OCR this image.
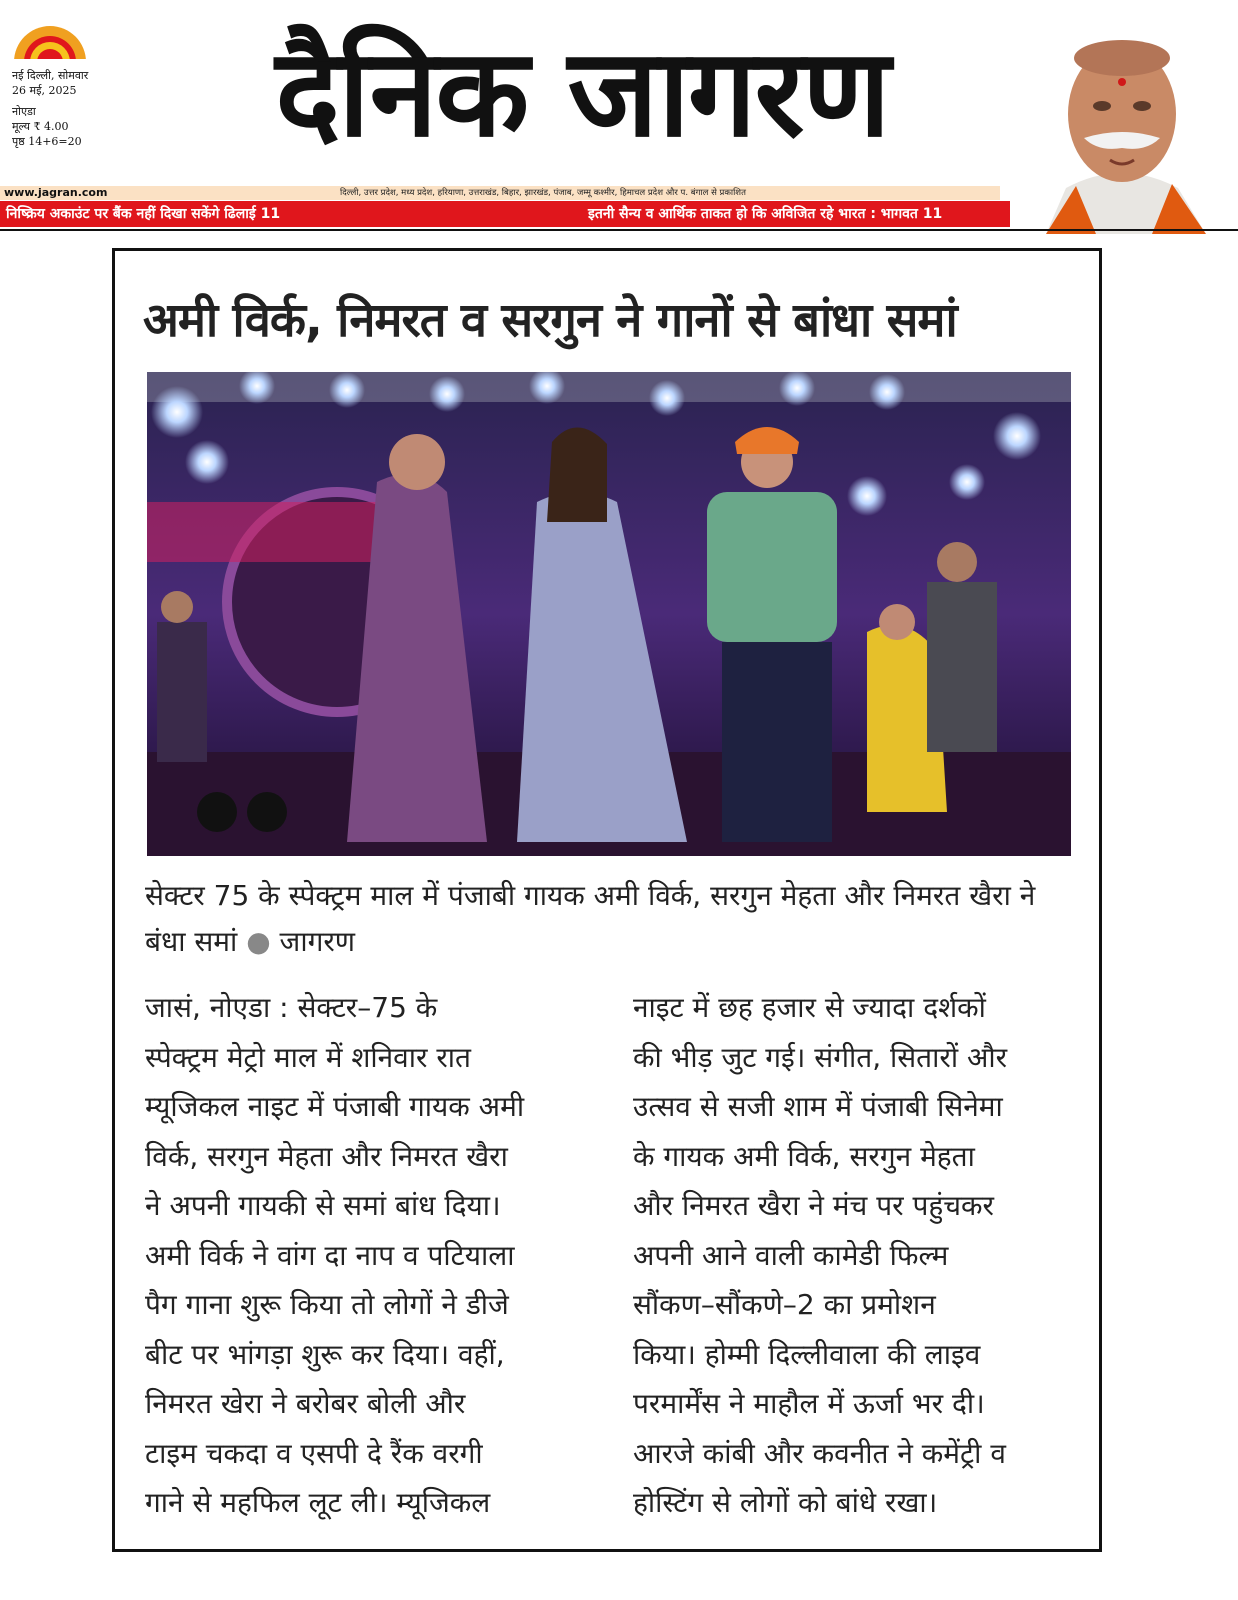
नई दिल्ली, सोमवार
26 मई, 2025
नोएडा
मूल्य ₹ 4.00
पृष्ठ 14+6=20	दैनिक जागरण
www.jagran.com	दिल्ली, उत्तर प्रदेश, मध्य प्रदेश, हरियाणा, उत्तराखंड, बिहार, झारखंड, पंजाब, जम्मू कश्मीर, हिमाचल प्रदेश और प. बंगाल से प्रकाशित
निष्क्रिय अकाउंट पर बैंक नहीं दिखा सकेंगे ढिलाई 11	इतनी सैन्य व आर्थिक ताकत हो कि अविजित रहे भारत : भागवत 11
अमी विर्क, निमरत व सरगुन ने गानों से बांधा समां
सेक्टर 75 के स्पेक्ट्रम माल में पंजाबी गायक अमी विर्क, सरगुन मेहता और निमरत खैरा ने बंधा समां ● जागरण

जासं, नोएडा : सेक्टर–75 के

स्पेक्ट्रम मेट्रो माल में शनिवार रात

म्यूजिकल नाइट में पंजाबी गायक अमी

विर्क, सरगुन मेहता और निमरत खैरा

ने अपनी गायकी से समां बांध दिया।

अमी विर्क ने वांग दा नाप व पटियाला

पैग गाना शुरू किया तो लोगों ने डीजे

बीट पर भांगड़ा शुरू कर दिया। वहीं,

निमरत खेरा ने बरोबर बोली और

टाइम चकदा व एसपी दे रैंक वरगी

गाने से महफिल लूट ली। म्यूजिकल

नाइट में छह हजार से ज्यादा दर्शकों

की भीड़ जुट गई। संगीत, सितारों और

उत्सव से सजी शाम में पंजाबी सिनेमा

के गायक अमी विर्क, सरगुन मेहता

और निमरत खैरा ने मंच पर पहुंचकर

अपनी आने वाली कामेडी फिल्म

सौंकण–सौंकणे–2 का प्रमोशन

किया। होम्मी दिल्लीवाला की लाइव

परमार्मेंस ने माहौल में ऊर्जा भर दी।

आरजे कांबी और कवनीत ने कमेंट्री व

होस्टिंग से लोगों को बांधे रखा।
